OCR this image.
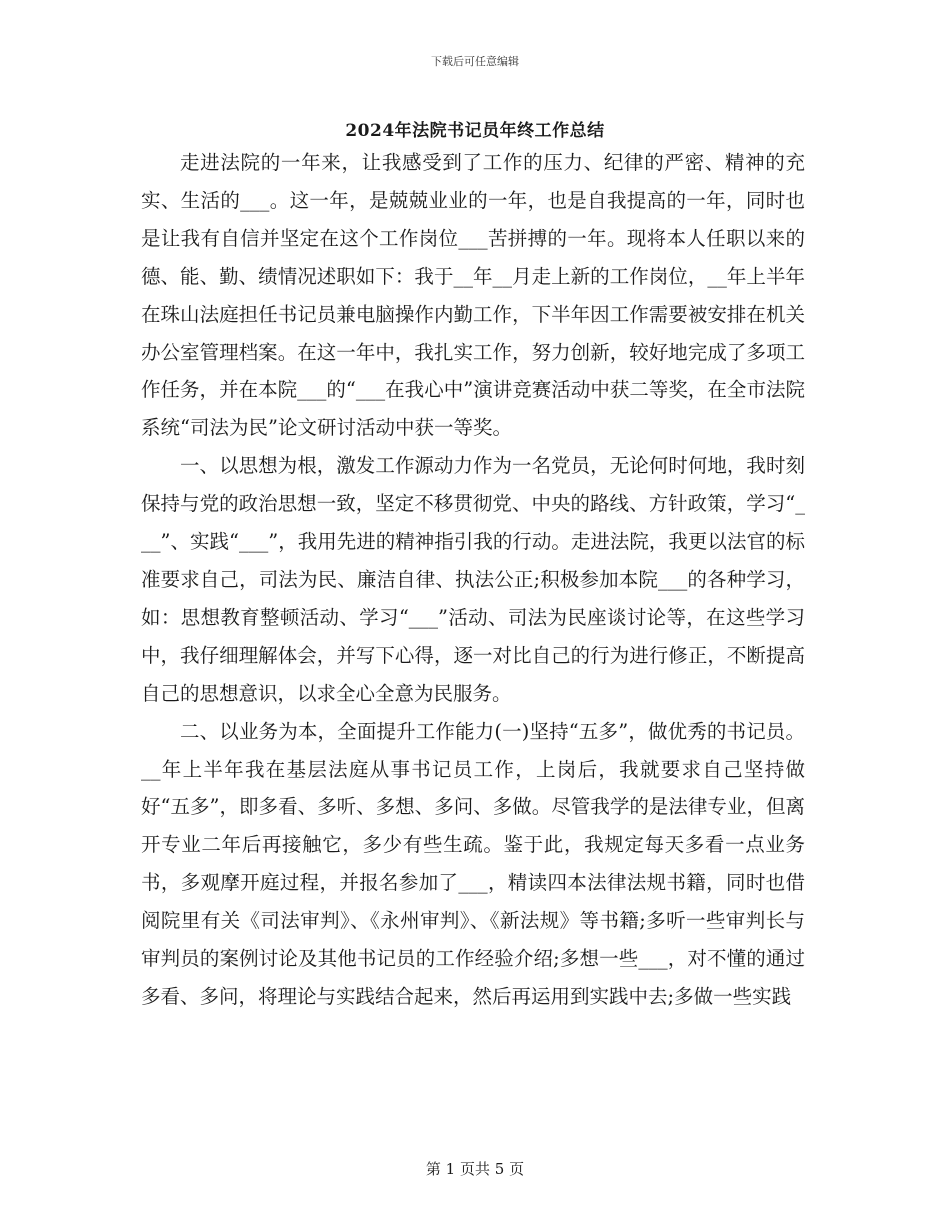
下载后可任意编辑
2024年法院书记员年终工作总结

走进法院的一年来，让我感受到了工作的压力、纪律的严密、精神的充实、生活的___。这一年，是兢兢业业的一年，也是自我提高的一年，同时也是让我有自信并坚定在这个工作岗位___苦拼搏的一年。现将本人任职以来的德、能、勤、绩情况述职如下：我于__年__月走上新的工作岗位，__年上半年在珠山法庭担任书记员兼电脑操作内勤工作，下半年因工作需要被安排在机关办公室管理档案。在这一年中，我扎实工作，努力创新，较好地完成了多项工作任务，并在本院___的“___在我心中”演讲竞赛活动中获二等奖，在全市法院系统“司法为民”论文研讨活动中获一等奖。

一、以思想为根，激发工作源动力作为一名党员，无论何时何地，我时刻保持与党的政治思想一致，坚定不移贯彻党、中央的路线、方针政策，学习“___”、实践“___”，我用先进的精神指引我的行动。走进法院，我更以法官的标准要求自己，司法为民、廉洁自律、执法公正;积极参加本院___的各种学习，如：思想教育整顿活动、学习“___”活动、司法为民座谈讨论等，在这些学习中，我仔细理解体会，并写下心得，逐一对比自己的行为进行修正，不断提高自己的思想意识，以求全心全意为民服务。

二、以业务为本，全面提升工作能力(一)坚持“五多”，做优秀的书记员。__年上半年我在基层法庭从事书记员工作，上岗后，我就要求自己坚持做好“五多”，即多看、多听、多想、多问、多做。尽管我学的是法律专业，但离开专业二年后再接触它，多少有些生疏。鉴于此，我规定每天多看一点业务书，多观摩开庭过程，并报名参加了___，精读四本法律法规书籍，同时也借阅院里有关《司法审判》、《永州审判》、《新法规》等书籍;多听一些审判长与审判员的案例讨论及其他书记员的工作经验介绍;多想一些___，对不懂的通过多看、多问，将理论与实践结合起来，然后再运用到实践中去;多做一些实践

第 1 页共 5 页
